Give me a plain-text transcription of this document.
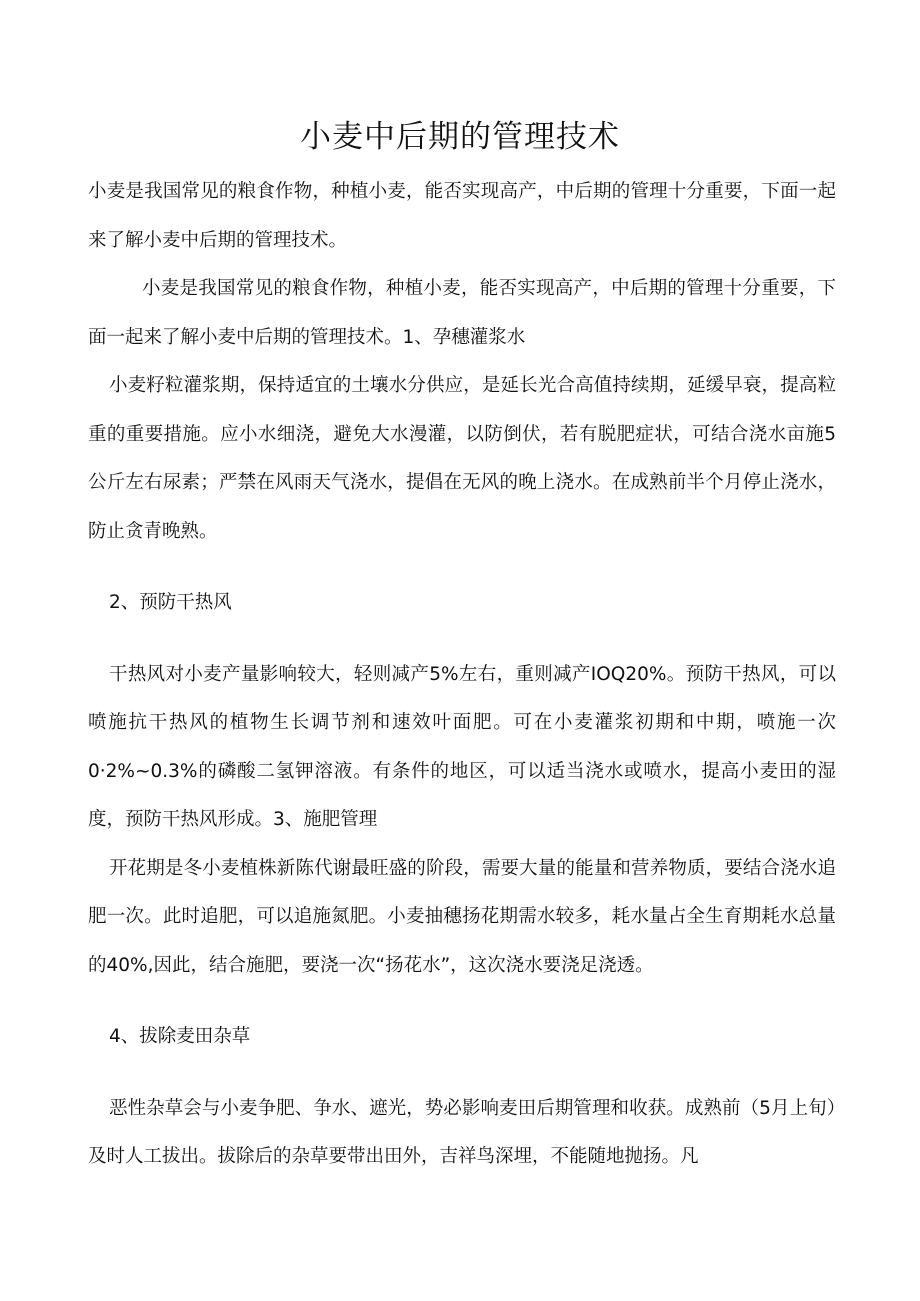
小麦中后期的管理技术

小麦是我国常见的粮食作物，种植小麦，能否实现高产，中后期的管理十分重要，下面一起来了解小麦中后期的管理技术。

小麦是我国常见的粮食作物，种植小麦，能否实现高产，中后期的管理十分重要，下面一起来了解小麦中后期的管理技术。1、孕穗灌浆水

小麦籽粒灌浆期，保持适宜的土壤水分供应，是延长光合高值持续期，延缓早衰，提高粒重的重要措施。应小水细浇，避免大水漫灌，以防倒伏，若有脱肥症状，可结合浇水亩施5公斤左右尿素；严禁在风雨天气浇水，提倡在无风的晚上浇水。在成熟前半个月停止浇水，防止贪青晚熟。

2、预防干热风

干热风对小麦产量影响较大，轻则减产5%左右，重则减产IOQ20%。预防干热风，可以喷施抗干热风的植物生长调节剂和速效叶面肥。可在小麦灌浆初期和中期，喷施一次0·2%~0.3%的磷酸二氢钾溶液。有条件的地区，可以适当浇水或喷水，提高小麦田的湿度，预防干热风形成。3、施肥管理

开花期是冬小麦植株新陈代谢最旺盛的阶段，需要大量的能量和营养物质，要结合浇水追肥一次。此时追肥，可以追施氮肥。小麦抽穗扬花期需水较多，耗水量占全生育期耗水总量的40%,因此，结合施肥，要浇一次“扬花水”，这次浇水要浇足浇透。

4、拔除麦田杂草

恶性杂草会与小麦争肥、争水、遮光，势必影响麦田后期管理和收获。成熟前（5月上旬）及时人工拔出。拔除后的杂草要带出田外，吉祥鸟深埋，不能随地抛扬。凡
